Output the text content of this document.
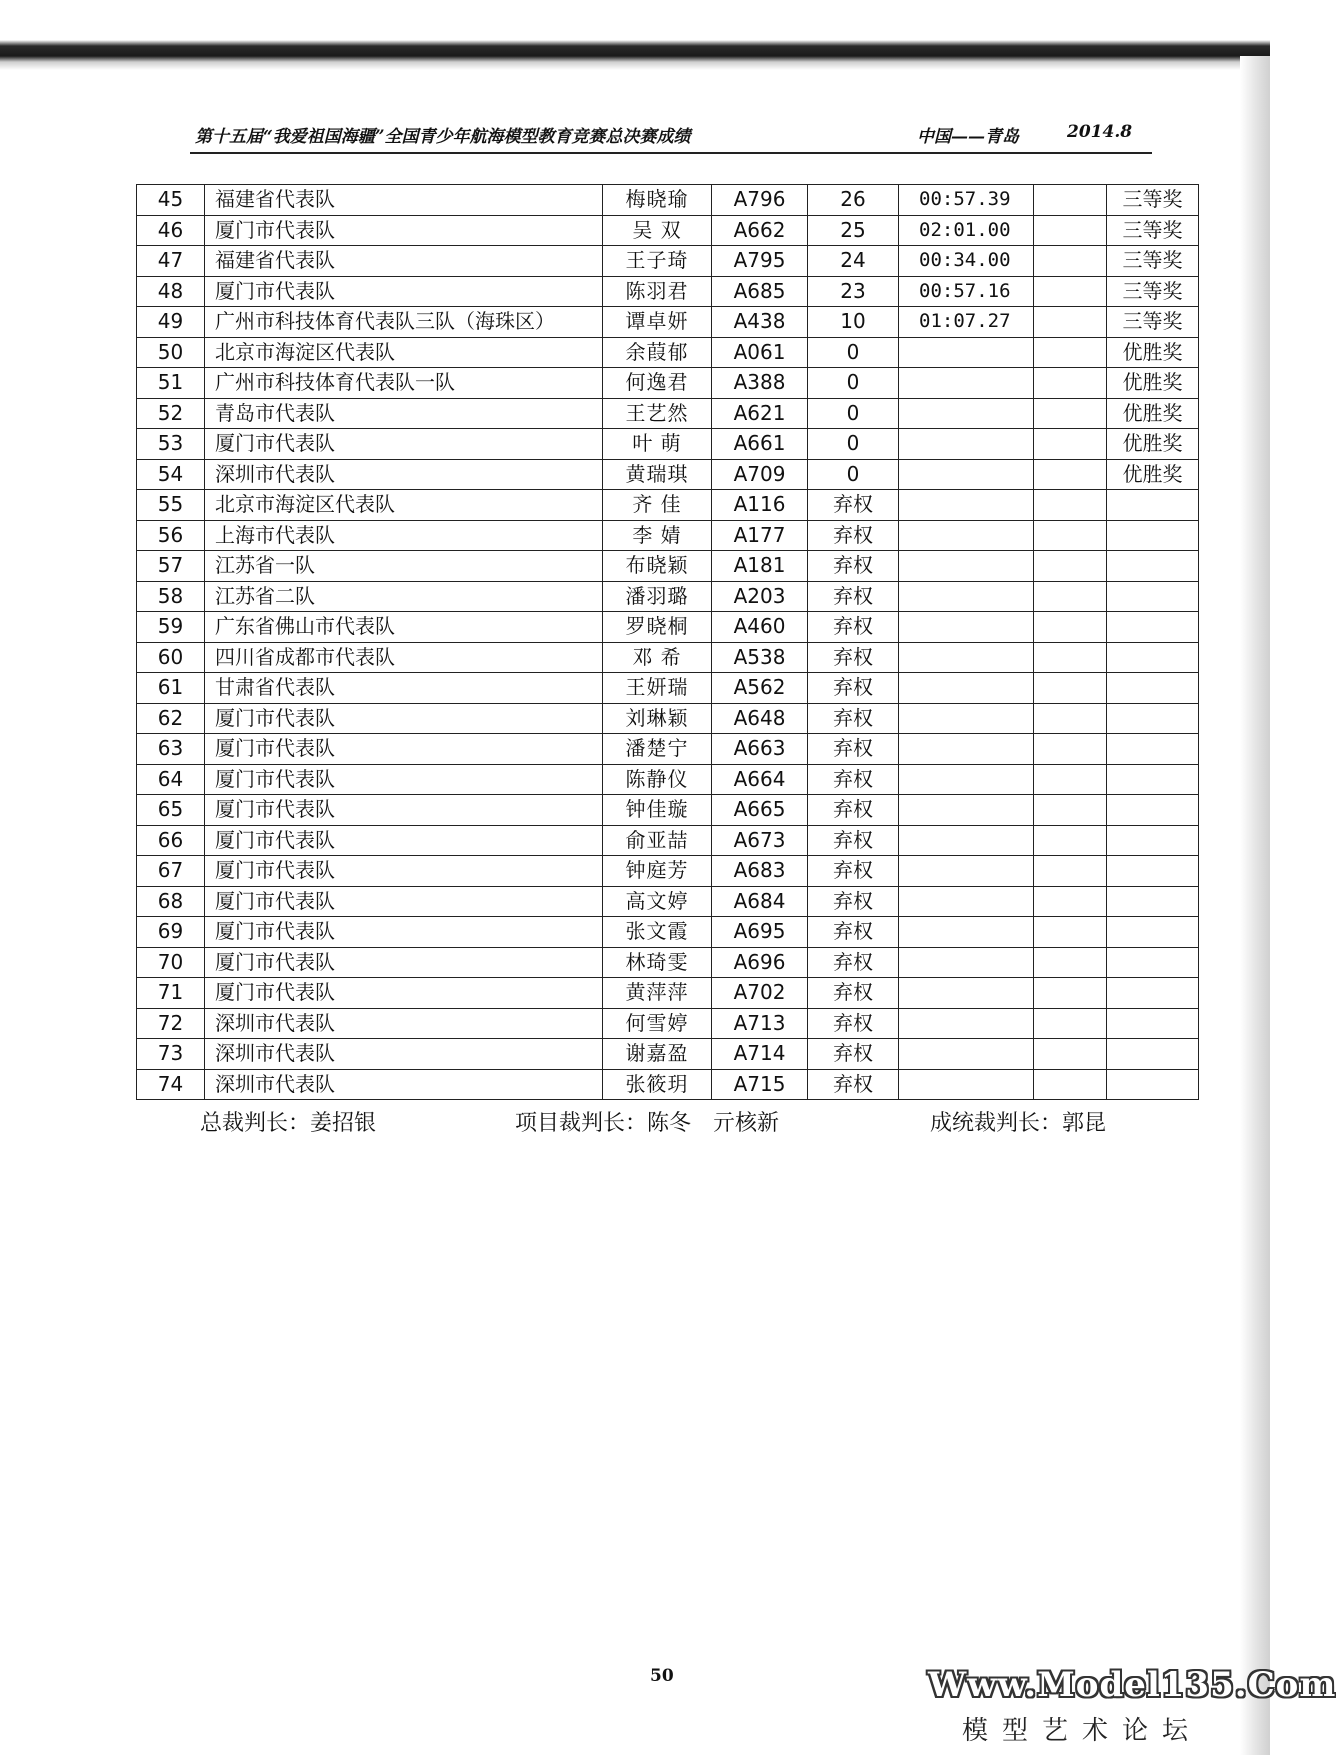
第十五届“我爱祖国海疆”全国青少年航海模型教育竞赛总决赛成绩	中国——青岛	2014.8
45	福建省代表队	梅晓瑜	A796	26	00:57.39		三等奖
46	厦门市代表队	吴 双	A662	25	02:01.00		三等奖
47	福建省代表队	王子琦	A795	24	00:34.00		三等奖
48	厦门市代表队	陈羽君	A685	23	00:57.16		三等奖
49	广州市科技体育代表队三队（海珠区）	谭卓妍	A438	10	01:07.27		三等奖
50	北京市海淀区代表队	余葭郁	A061	0			优胜奖
51	广州市科技体育代表队一队	何逸君	A388	0			优胜奖
52	青岛市代表队	王艺然	A621	0			优胜奖
53	厦门市代表队	叶 萌	A661	0			优胜奖
54	深圳市代表队	黄瑞琪	A709	0			优胜奖
55	北京市海淀区代表队	齐 佳	A116	弃权			
56	上海市代表队	李 婧	A177	弃权			
57	江苏省一队	布晓颖	A181	弃权			
58	江苏省二队	潘羽璐	A203	弃权			
59	广东省佛山市代表队	罗晓桐	A460	弃权			
60	四川省成都市代表队	邓 希	A538	弃权			
61	甘肃省代表队	王妍瑞	A562	弃权			
62	厦门市代表队	刘琳颖	A648	弃权			
63	厦门市代表队	潘楚宁	A663	弃权			
64	厦门市代表队	陈静仪	A664	弃权			
65	厦门市代表队	钟佳璇	A665	弃权			
66	厦门市代表队	俞亚喆	A673	弃权			
67	厦门市代表队	钟庭芳	A683	弃权			
68	厦门市代表队	高文婷	A684	弃权			
69	厦门市代表队	张文霞	A695	弃权			
70	厦门市代表队	林琦雯	A696	弃权			
71	厦门市代表队	黄萍萍	A702	弃权			
72	深圳市代表队	何雪婷	A713	弃权			
73	深圳市代表队	谢嘉盈	A714	弃权			
74	深圳市代表队	张筱玥	A715	弃权			
总裁判长：姜招银	项目裁判长：陈冬　亓核新	成统裁判长：郭昆
50	Www.Model135.Com
模型艺术论坛
